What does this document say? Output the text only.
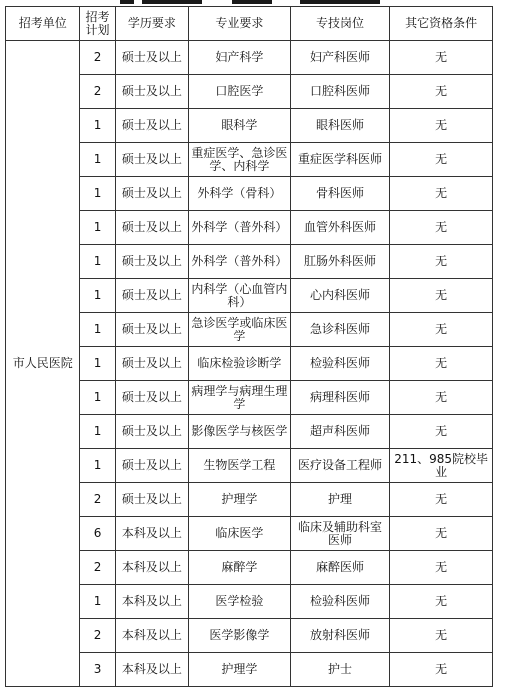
招考单位	招考计划	学历要求	专业要求	专技岗位	其它资格条件
市人民医院	2	硕士及以上	妇产科学	妇产科医师	无
	2	硕士及以上	口腔医学	口腔科医师	无
	1	硕士及以上	眼科学	眼科医师	无
	1	硕士及以上	重症医学、急诊医学、内科学	重症医学科医师	无
	1	硕士及以上	外科学（骨科）	骨科医师	无
	1	硕士及以上	外科学（普外科）	血管外科医师	无
	1	硕士及以上	外科学（普外科）	肛肠外科医师	无
	1	硕士及以上	内科学（心血管内科）	心内科医师	无
	1	硕士及以上	急诊医学或临床医学	急诊科医师	无
	1	硕士及以上	临床检验诊断学	检验科医师	无
	1	硕士及以上	病理学与病理生理学	病理科医师	无
	1	硕士及以上	影像医学与核医学	超声科医师	无
	1	硕士及以上	生物医学工程	医疗设备工程师	211、985院校毕业
	2	硕士及以上	护理学	护理	无
	6	本科及以上	临床医学	临床及辅助科室医师	无
	2	本科及以上	麻醉学	麻醉医师	无
	1	本科及以上	医学检验	检验科医师	无
	2	本科及以上	医学影像学	放射科医师	无
	3	本科及以上	护理学	护士	无
